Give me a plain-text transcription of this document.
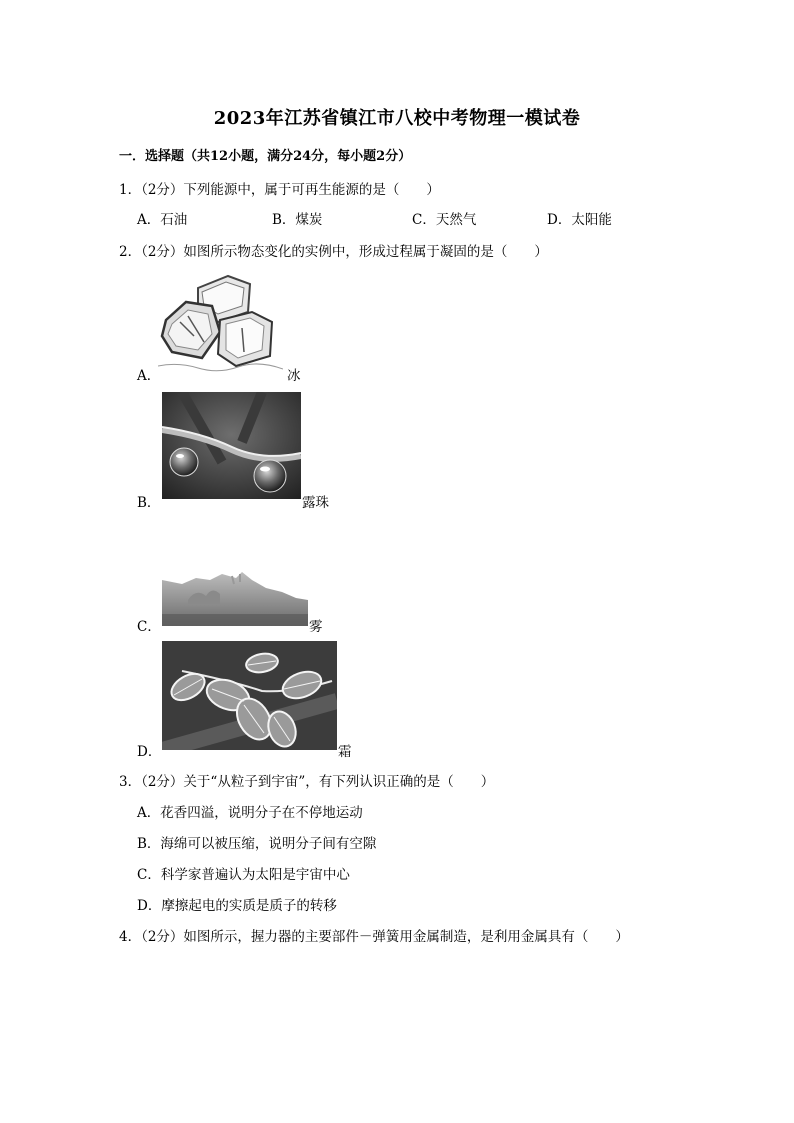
2023年江苏省镇江市八校中考物理一模试卷
一．选择题（共12小题，满分24分，每小题2分）
1．（2分）下列能源中，属于可再生能源的是（　　）
A．石油	B．煤炭	C．天然气	D．太阳能
2．（2分）如图所示物态变化的实例中，形成过程属于凝固的是（　　）
A．	冰
B．	露珠
C．	雾
D．	霜
3．（2分）关于“从粒子到宇宙”，有下列认识正确的是（　　）
A．花香四溢，说明分子在不停地运动
B．海绵可以被压缩，说明分子间有空隙
C．科学家普遍认为太阳是宇宙中心
D．摩擦起电的实质是质子的转移
4．（2分）如图所示，握力器的主要部件－弹簧用金属制造，是利用金属具有（　　）
